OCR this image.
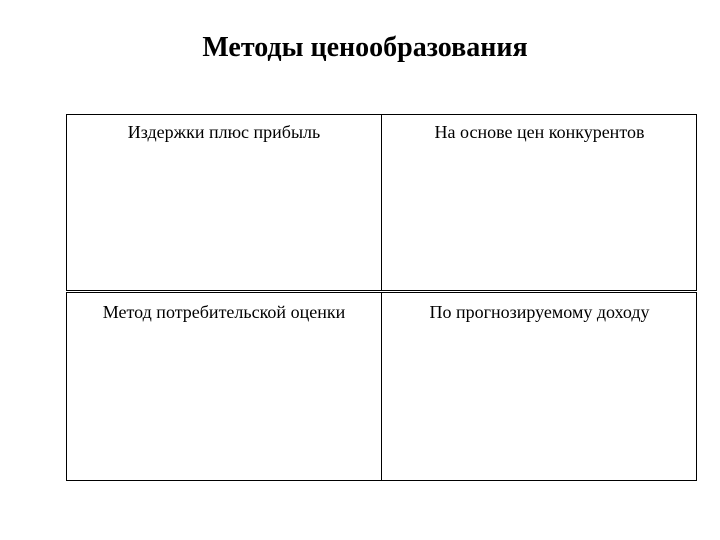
Методы ценообразования
Издержки плюс прибыль	На основе цен конкурентов
Метод потребительской оценки	По прогнозируемому доходу
